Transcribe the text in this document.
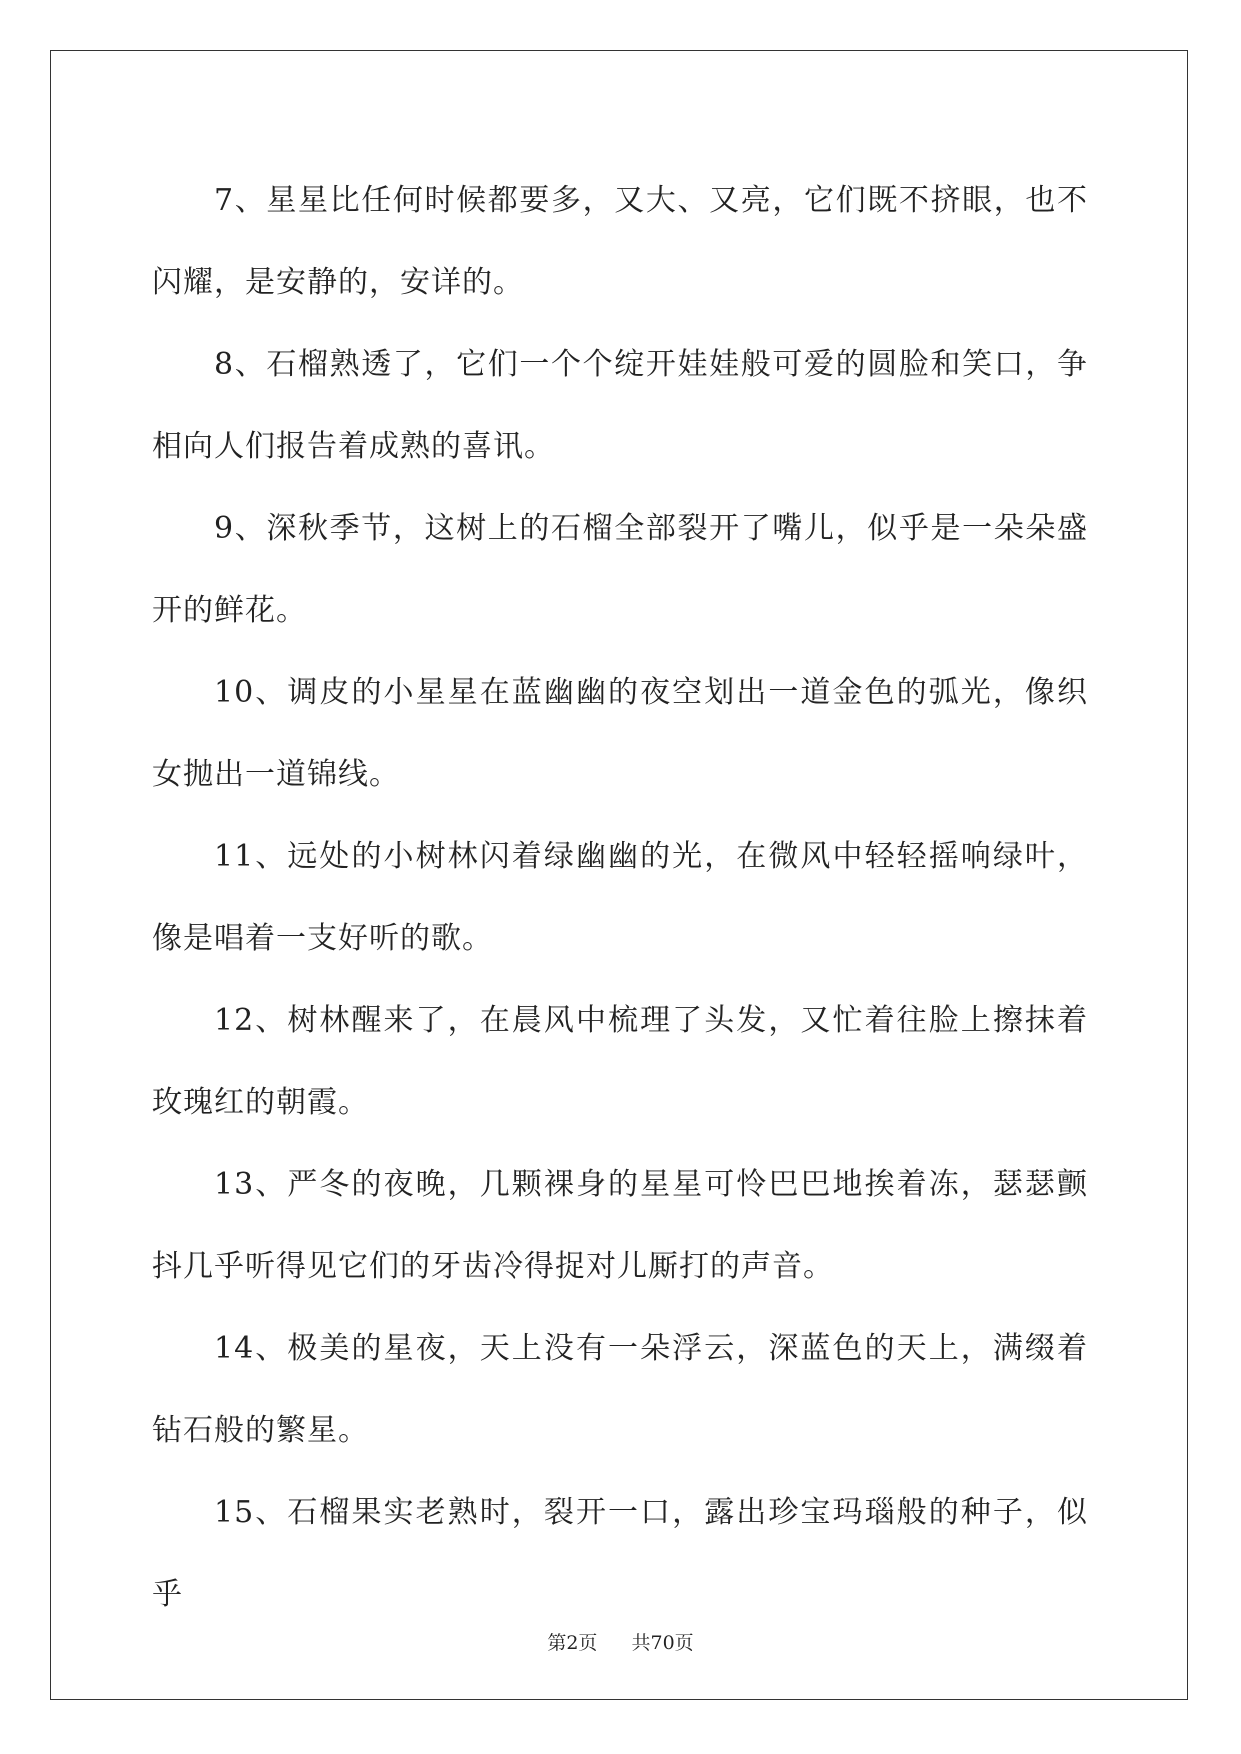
7、星星比任何时候都要多，又大、又亮，它们既不挤眼，也不闪耀，是安静的，安详的。

8、石榴熟透了，它们一个个绽开娃娃般可爱的圆脸和笑口，争相向人们报告着成熟的喜讯。

9、深秋季节，这树上的石榴全部裂开了嘴儿，似乎是一朵朵盛开的鲜花。

10、调皮的小星星在蓝幽幽的夜空划出一道金色的弧光，像织女抛出一道锦线。

11、远处的小树林闪着绿幽幽的光，在微风中轻轻摇响绿叶，像是唱着一支好听的歌。

12、树林醒来了，在晨风中梳理了头发，又忙着往脸上擦抹着玫瑰红的朝霞。

13、严冬的夜晚，几颗裸身的星星可怜巴巴地挨着冻，瑟瑟颤抖几乎听得见它们的牙齿冷得捉对儿厮打的声音。

14、极美的星夜，天上没有一朵浮云，深蓝色的天上，满缀着钻石般的繁星。

15、石榴果实老熟时，裂开一口，露出珍宝玛瑙般的种子，似乎

第2页 共70页
